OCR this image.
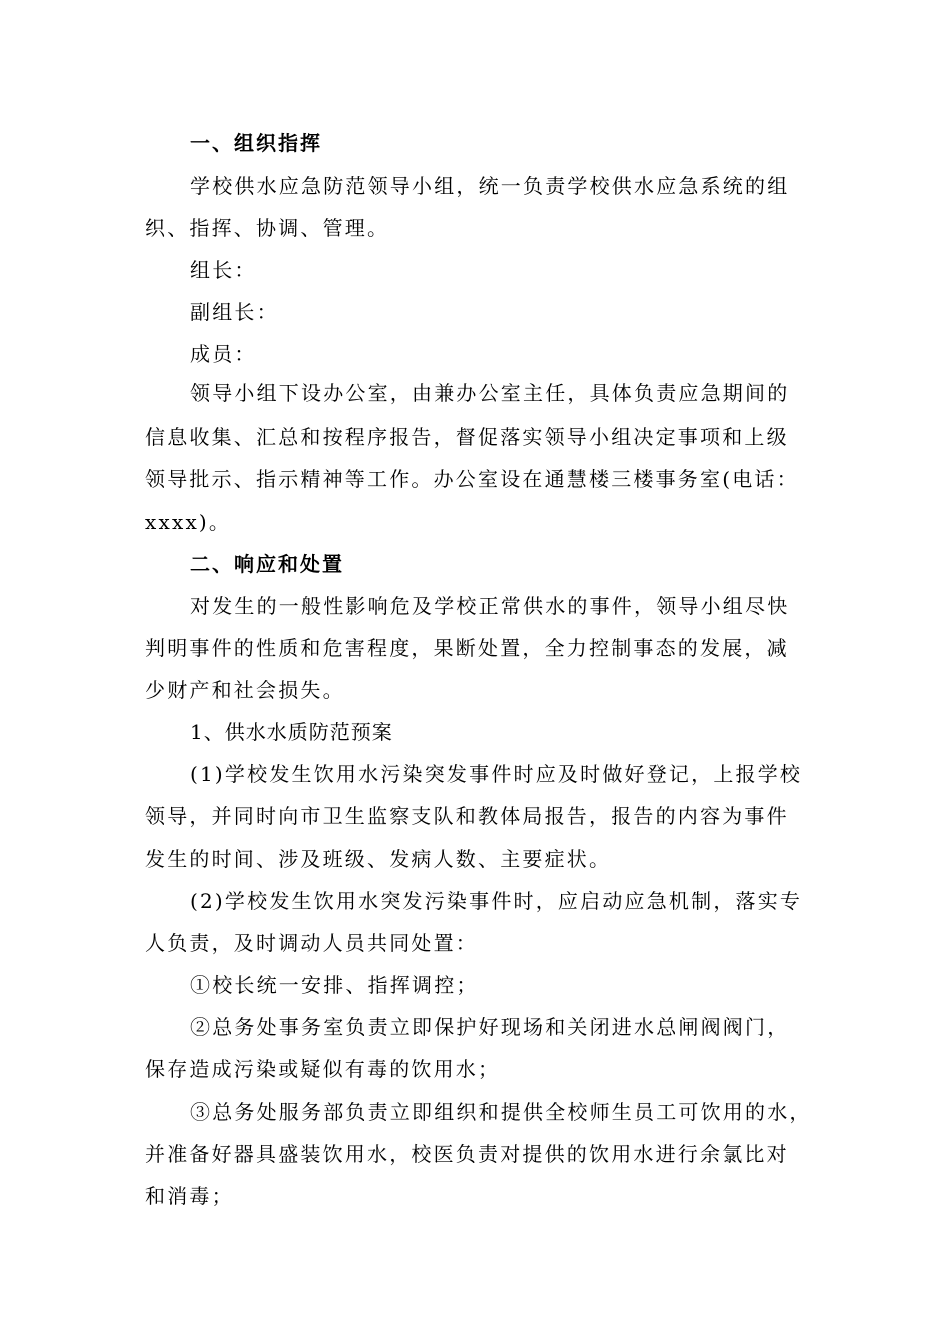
一、组织指挥

学校供水应急防范领导小组，统一负责学校供水应急系统的组

织、指挥、协调、管理。

组长：

副组长：

成员：

领导小组下设办公室，由兼办公室主任，具体负责应急期间的

信息收集、汇总和按程序报告，督促落实领导小组决定事项和上级

领导批示、指示精神等工作。办公室设在通慧楼三楼事务室(电话：

xxxx)。

二、响应和处置

对发生的一般性影响危及学校正常供水的事件，领导小组尽快

判明事件的性质和危害程度，果断处置，全力控制事态的发展，减

少财产和社会损失。

1、供水水质防范预案

(1)学校发生饮用水污染突发事件时应及时做好登记，上报学校

领导，并同时向市卫生监察支队和教体局报告，报告的内容为事件

发生的时间、涉及班级、发病人数、主要症状。

(2)学校发生饮用水突发污染事件时，应启动应急机制，落实专

人负责，及时调动人员共同处置：

①校长统一安排、指挥调控；

②总务处事务室负责立即保护好现场和关闭进水总闸阀阀门，

保存造成污染或疑似有毒的饮用水；

③总务处服务部负责立即组织和提供全校师生员工可饮用的水，

并准备好器具盛装饮用水，校医负责对提供的饮用水进行余氯比对

和消毒；
